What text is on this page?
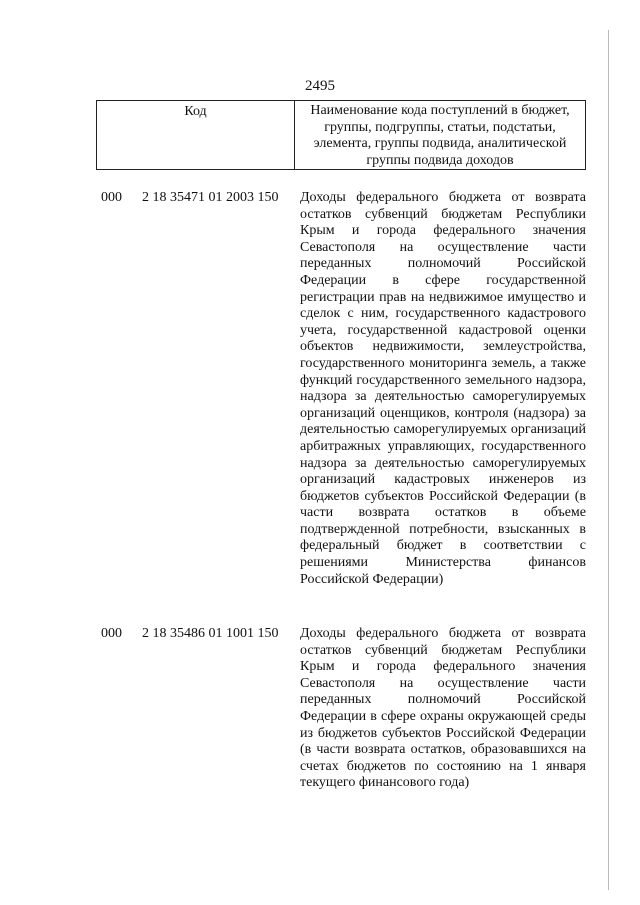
2495
Код	Наименование кода поступлений в бюджет, группы, подгруппы, статьи, подстатьи, элемента, группы подвида, аналитической группы подвида доходов
000 2 18 35471 01 2003 150 Доходы федерального бюджета от возврата остатков субвенций бюджетам Республики Крым и города федерального значения Севастополя на осуществление части переданных полномочий Российской Федерации в сфере государственной регистрации прав на недвижимое имущество и сделок с ним, государственного кадастрового учета, государственной кадастровой оценки объектов недвижимости, землеустройства, государственного мониторинга земель, а также функций государственного земельного надзора, надзора за деятельностью саморегулируемых организаций оценщиков, контроля (надзора) за деятельностью саморегулируемых организаций арбитражных управляющих, государственного надзора за деятельностью саморегулируемых организаций кадастровых инженеров из бюджетов субъектов Российской Федерации (в части возврата остатков в объеме подтвержденной потребности, взысканных в федеральный бюджет в соответствии с решениями Министерства финансов Российской Федерации)
000 2 18 35486 01 1001 150 Доходы федерального бюджета от возврата остатков субвенций бюджетам Республики Крым и города федерального значения Севастополя на осуществление части переданных полномочий Российской Федерации в сфере охраны окружающей среды из бюджетов субъектов Российской Федерации (в части возврата остатков, образовавшихся на счетах бюджетов по состоянию на 1 января текущего финансового года)
